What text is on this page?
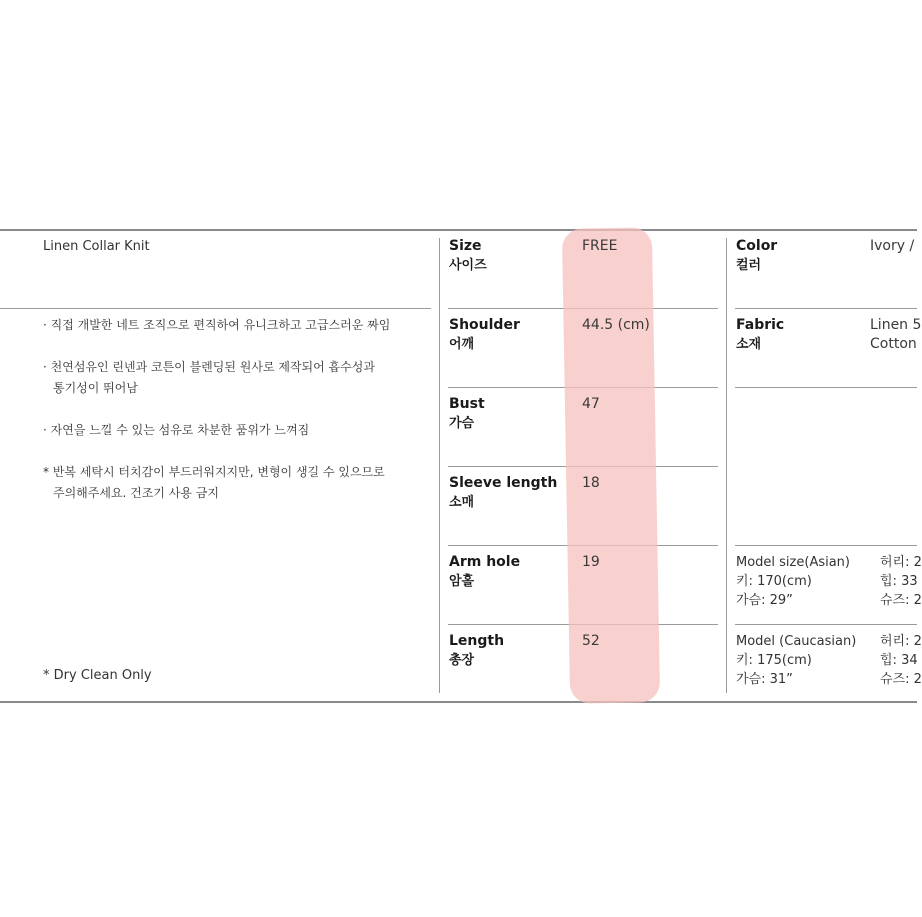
Linen Collar Knit
· 직접 개발한 네트 조직으로 편직하여 유니크하고 고급스러운 짜임
· 천연섬유인 린넨과 코튼이 블렌딩된 원사로 제작되어 흡수성과
통기성이 뛰어남
· 자연을 느낄 수 있는 섬유로 차분한 품위가 느껴짐
* 반복 세탁시 터치감이 부드러워지지만, 변형이 생길 수 있으므로
주의해주세요. 건조기 사용 금지
* Dry Clean Only
Size
사이즈
FREE
Shoulder
어깨
44.5 (cm)
Bust
가슴
47
Sleeve length
소매
18
Arm hole
암홀
19
Length
총장
52
Color
컬러
Ivory /
Fabric
소재
Linen 5
Cotton
Model size(Asian)
키: 170(cm)
가슴: 29”
허리: 2
힙: 33
슈즈: 2
Model (Caucasian)
키: 175(cm)
가슴: 31”
허리: 2
힙: 34
슈즈: 2
